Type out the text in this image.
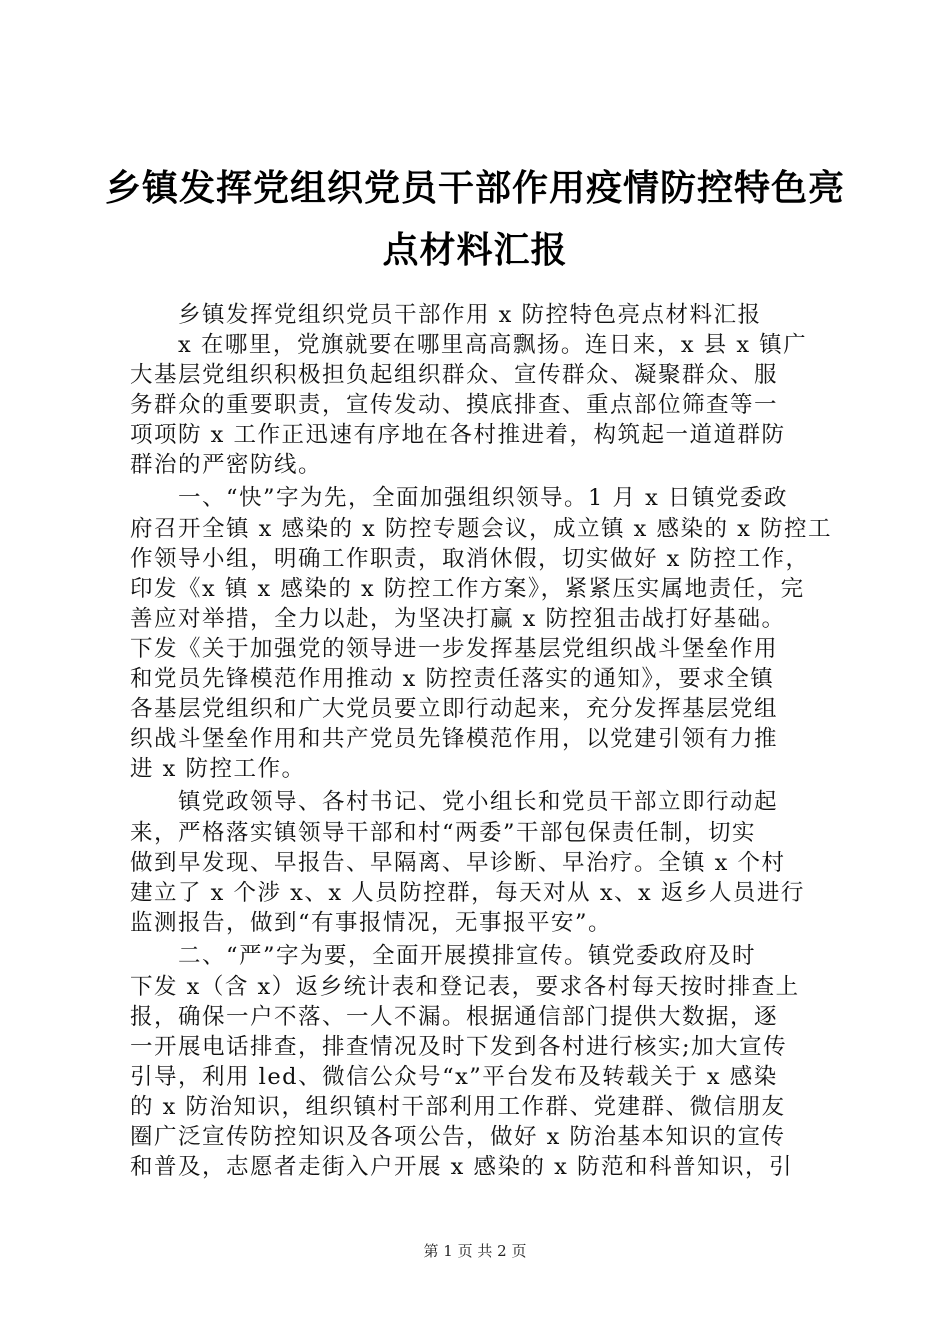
乡镇发挥党组织党员干部作用疫情防控特色亮
点材料汇报
乡镇发挥党组织党员干部作用 x 防控特色亮点材料汇报
x 在哪里，党旗就要在哪里高高飘扬。连日来，x 县 x 镇广
大基层党组织积极担负起组织群众、宣传群众、凝聚群众、服
务群众的重要职责，宣传发动、摸底排查、重点部位筛查等一
项项防 x 工作正迅速有序地在各村推进着，构筑起一道道群防
群治的严密防线。
一、“快”字为先，全面加强组织领导。1 月 x 日镇党委政
府召开全镇 x 感染的 x 防控专题会议，成立镇 x 感染的 x 防控工
作领导小组，明确工作职责，取消休假，切实做好 x 防控工作，
印发《x 镇 x 感染的 x 防控工作方案》，紧紧压实属地责任，完
善应对举措，全力以赴，为坚决打赢 x 防控狙击战打好基础。
下发《关于加强党的领导进一步发挥基层党组织战斗堡垒作用
和党员先锋模范作用推动 x 防控责任落实的通知》，要求全镇
各基层党组织和广大党员要立即行动起来，充分发挥基层党组
织战斗堡垒作用和共产党员先锋模范作用，以党建引领有力推
进 x 防控工作。
镇党政领导、各村书记、党小组长和党员干部立即行动起
来，严格落实镇领导干部和村“两委”干部包保责任制，切实
做到早发现、早报告、早隔离、早诊断、早治疗。全镇 x 个村
建立了 x 个涉 x、x 人员防控群，每天对从 x、x 返乡人员进行
监测报告，做到“有事报情况，无事报平安”。
二、“严”字为要，全面开展摸排宣传。镇党委政府及时
下发 x（含 x）返乡统计表和登记表，要求各村每天按时排查上
报，确保一户不落、一人不漏。根据通信部门提供大数据，逐
一开展电话排查，排查情况及时下发到各村进行核实;加大宣传
引导，利用 led、微信公众号“x”平台发布及转载关于 x 感染
的 x 防治知识，组织镇村干部利用工作群、党建群、微信朋友
圈广泛宣传防控知识及各项公告，做好 x 防治基本知识的宣传
和普及，志愿者走街入户开展 x 感染的 x 防范和科普知识，引
第 1 页 共 2 页
